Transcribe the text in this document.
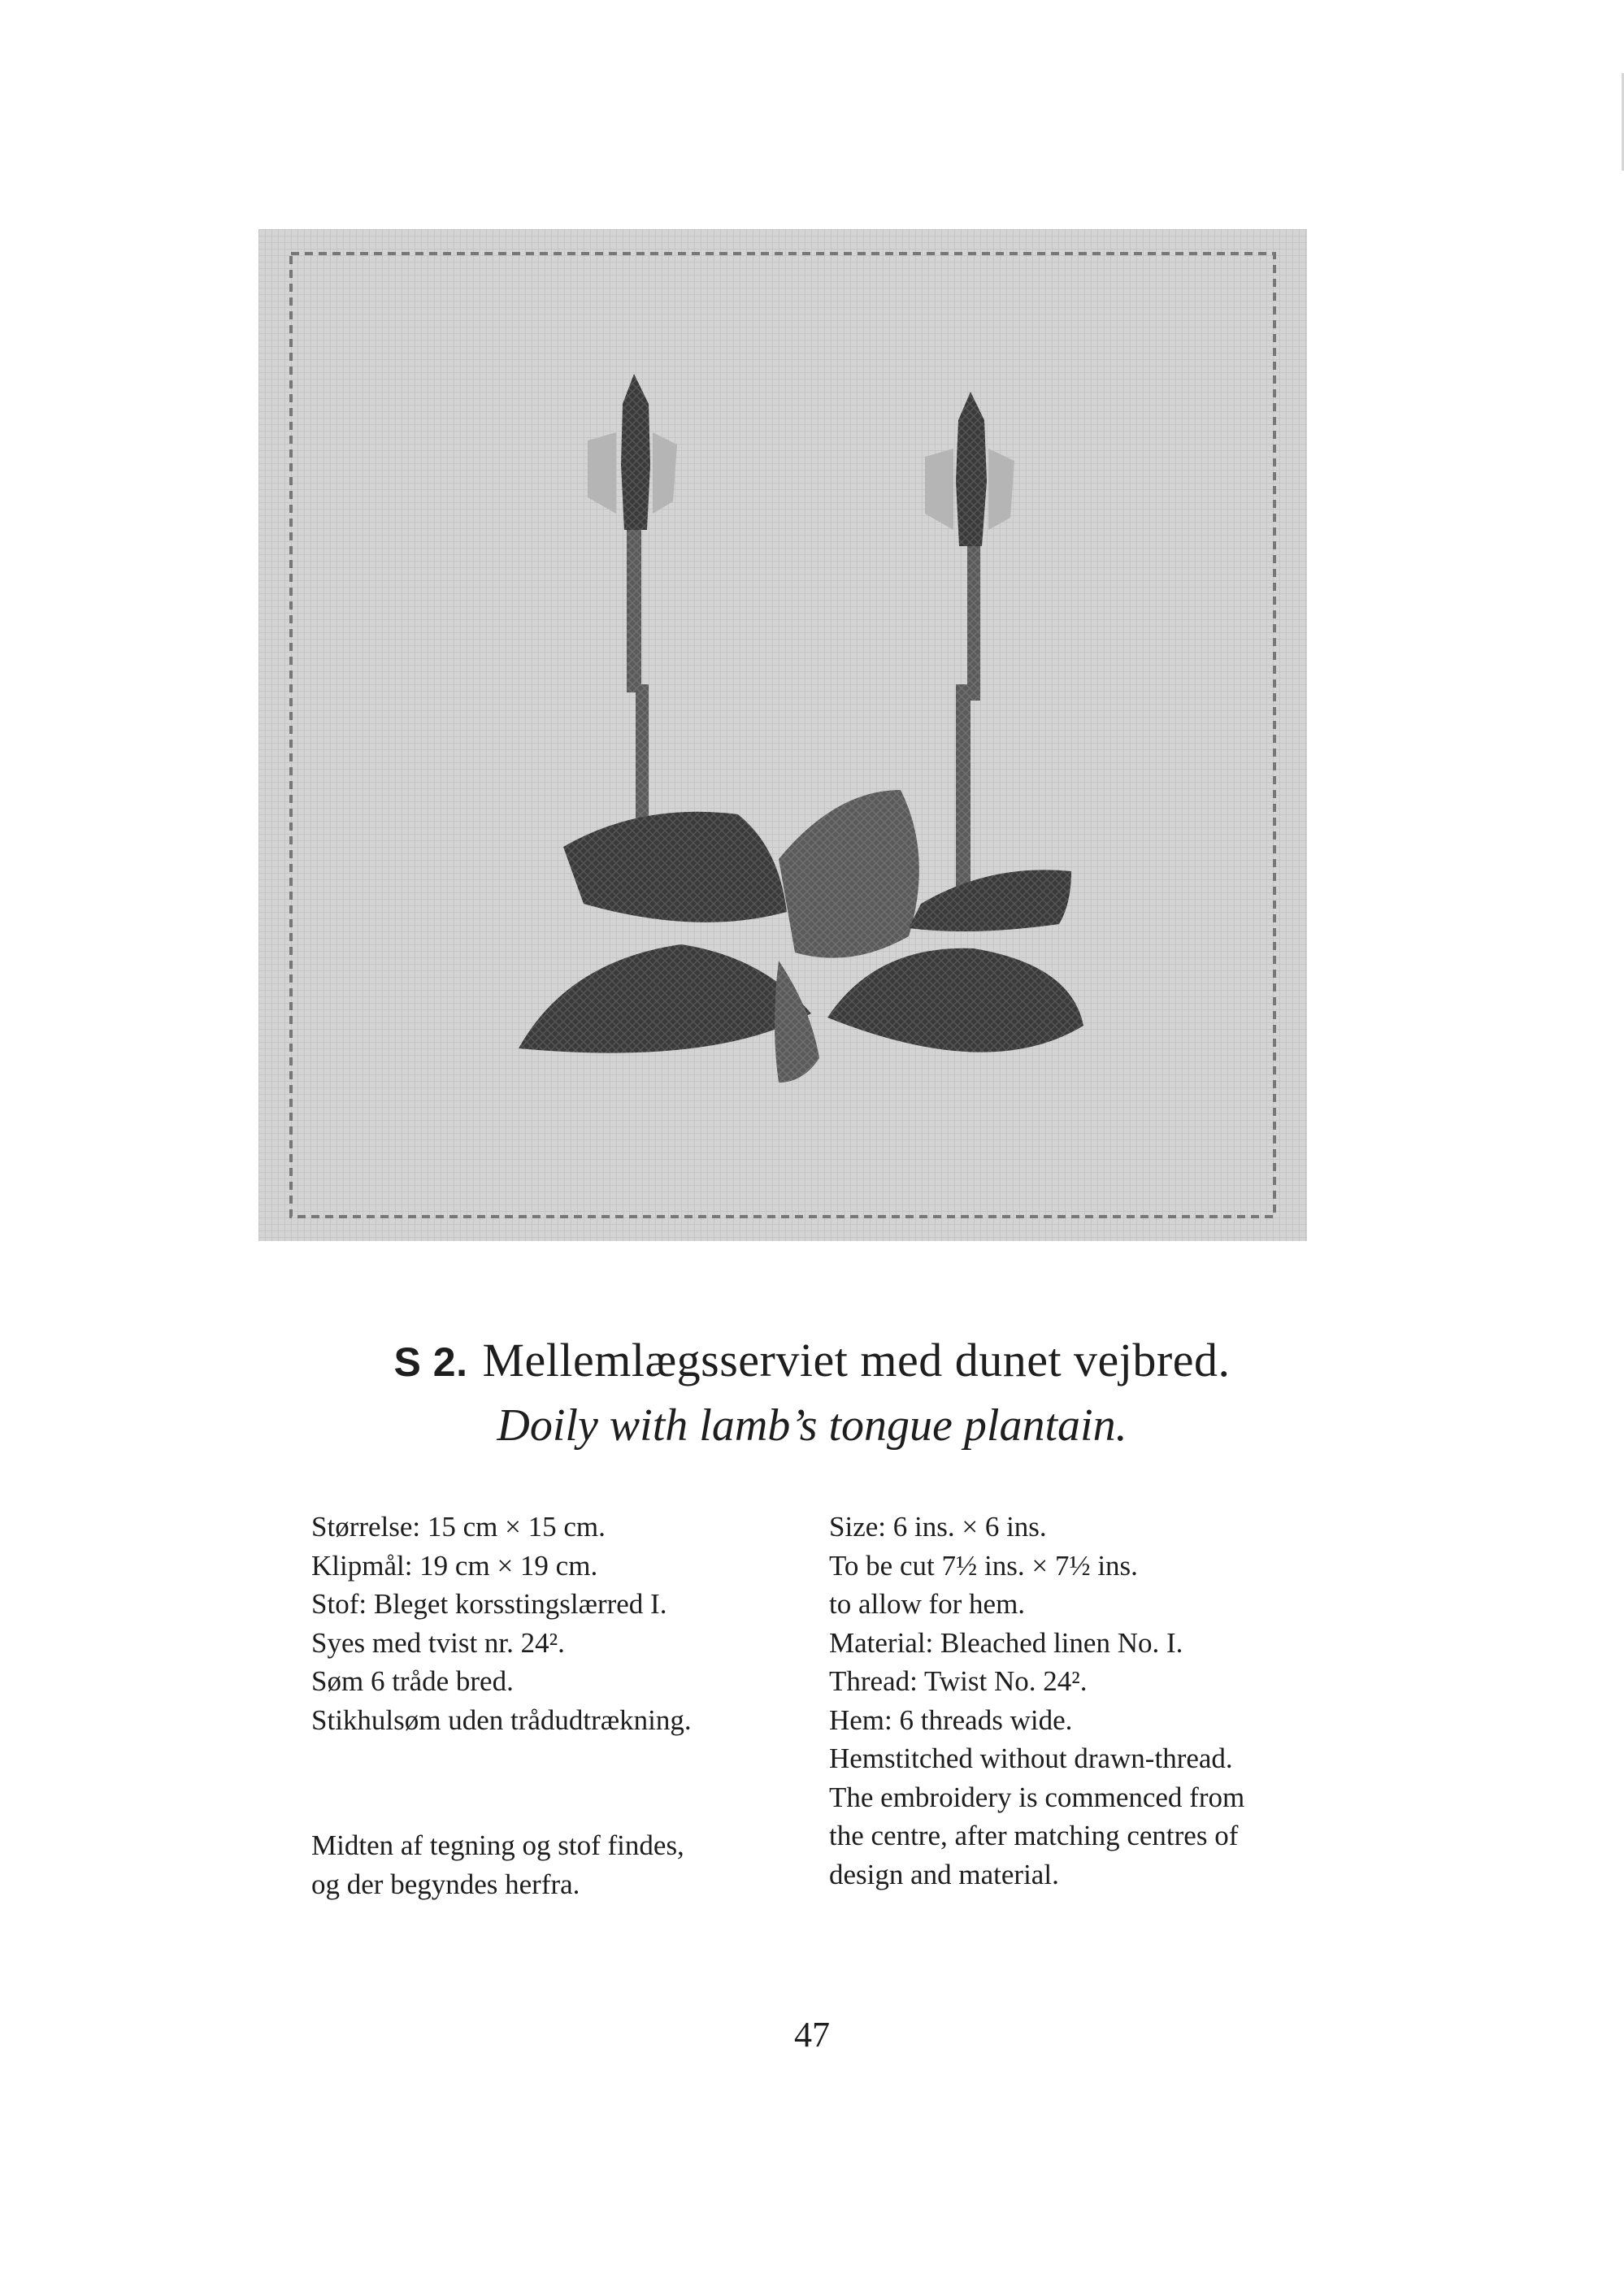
S 2. Mellemlægsserviet med dunet vejbred.
Doily with lamb’s tongue plantain.
Størrelse: 15 cm × 15 cm.
Klipmål: 19 cm × 19 cm.
Stof: Bleget korsstingslærred I.
Syes med tvist nr. 24².
Søm 6 tråde bred.
Stikhulsøm uden trådudtrækning.
Midten af tegning og stof findes,
og der begyndes herfra.
Size: 6 ins. × 6 ins.
To be cut 7½ ins. × 7½ ins.
to allow for hem.
Material: Bleached linen No. I.
Thread: Twist No. 24².
Hem: 6 threads wide.
Hemstitched without drawn-thread.
The embroidery is commenced from
the centre, after matching centres of
design and material.
47
